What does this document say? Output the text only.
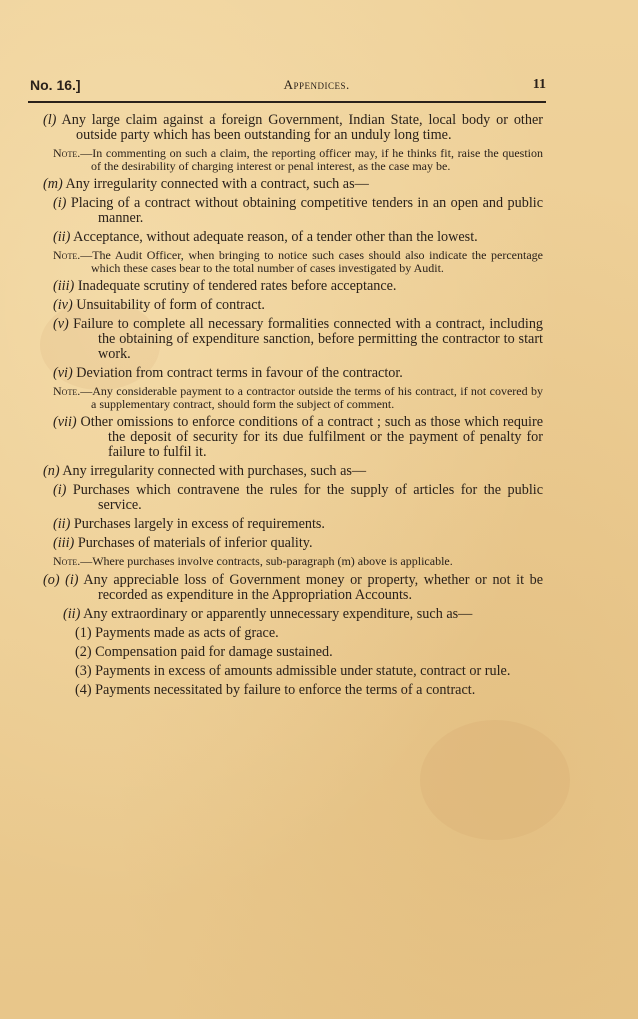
No. 16.]	Appendices.	11

(l) Any large claim against a foreign Government, Indian State, local body or other outside party which has been outstanding for an unduly long time.

Note.—In commenting on such a claim, the reporting officer may, if he thinks fit, raise the question of the desirability of charging interest or penal interest, as the case may be.

(m) Any irregularity connected with a contract, such as—

(i) Placing of a contract without obtaining competitive tenders in an open and public manner.

(ii) Acceptance, without adequate reason, of a tender other than the lowest.

Note.—The Audit Officer, when bringing to notice such cases should also indicate the percentage which these cases bear to the total number of cases investigated by Audit.

(iii) Inadequate scrutiny of tendered rates before acceptance.

(iv) Unsuitability of form of contract.

(v) Failure to complete all necessary formalities connected with a contract, including the obtaining of expenditure sanction, before permitting the contractor to start work.

(vi) Deviation from contract terms in favour of the contractor.

Note.—Any considerable payment to a contractor outside the terms of his contract, if not covered by a supplementary contract, should form the subject of comment.

(vii) Other omissions to enforce conditions of a contract ; such as those which require the deposit of security for its due fulfilment or the payment of penalty for failure to fulfil it.

(n) Any irregularity connected with purchases, such as—

(i) Purchases which contravene the rules for the supply of articles for the public service.

(ii) Purchases largely in excess of requirements.

(iii) Purchases of materials of inferior quality.

Note.—Where purchases involve contracts, sub-paragraph (m) above is applicable.

(o) (i) Any appreciable loss of Government money or property, whether or not it be recorded as expenditure in the Appropriation Accounts.

(ii) Any extraordinary or apparently unnecessary expenditure, such as—

(1) Payments made as acts of grace.

(2) Compensation paid for damage sustained.

(3) Payments in excess of amounts admissible under statute, contract or rule.

(4) Payments necessitated by failure to enforce the terms of a contract.
